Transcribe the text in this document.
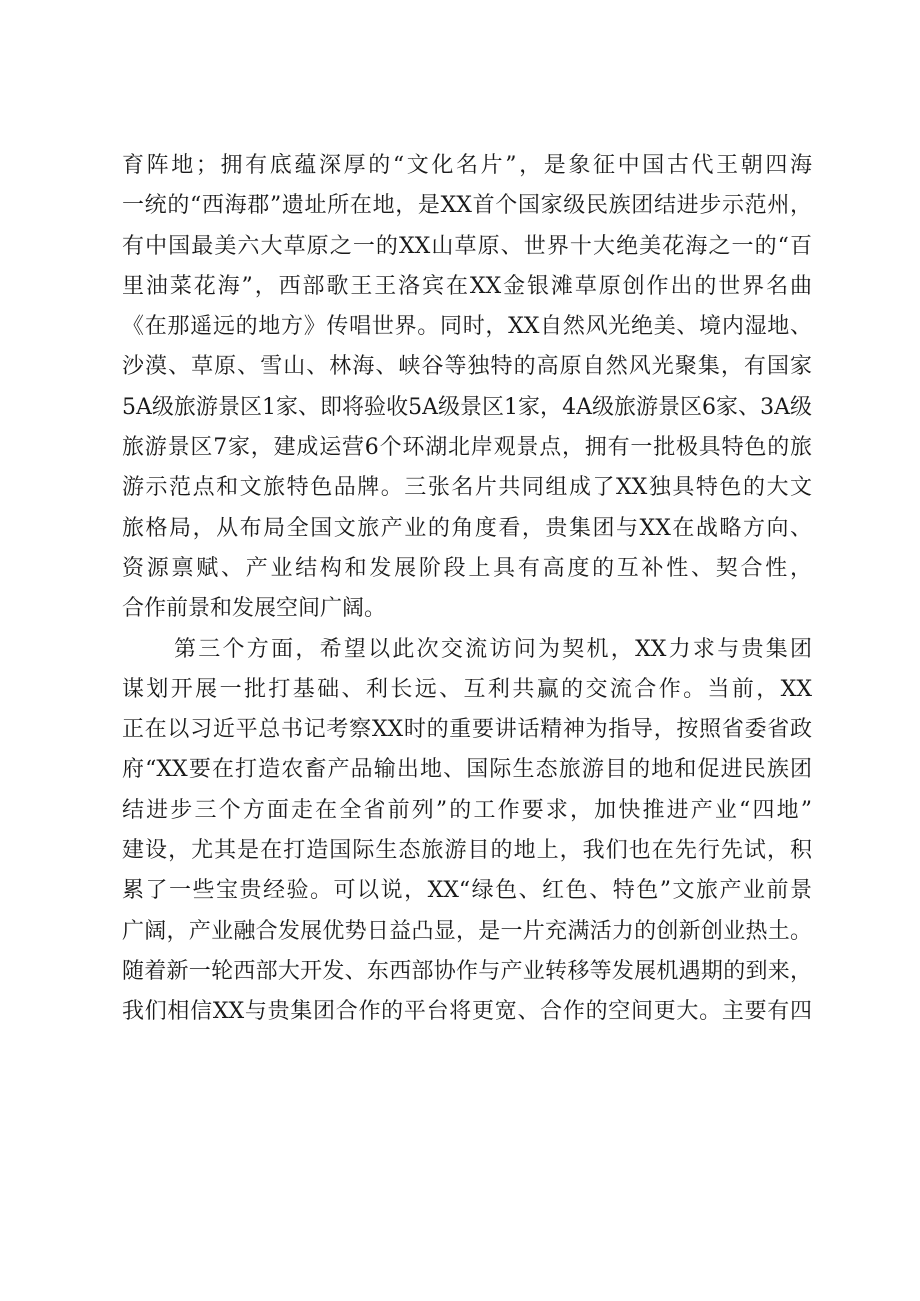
育阵地；拥有底蕴深厚的“文化名片”，是象征中国古代王朝四海
一统的“西海郡”遗址所在地，是XX首个国家级民族团结进步示范州，
有中国最美六大草原之一的XX山草原、世界十大绝美花海之一的“百
里油菜花海”，西部歌王王洛宾在XX金银滩草原创作出的世界名曲
《在那遥远的地方》传唱世界。同时，XX自然风光绝美、境内湿地、
沙漠、草原、雪山、林海、峡谷等独特的高原自然风光聚集，有国家
5A级旅游景区1家、即将验收5A级景区1家，4A级旅游景区6家、3A级
旅游景区7家，建成运营6个环湖北岸观景点，拥有一批极具特色的旅
游示范点和文旅特色品牌。三张名片共同组成了XX独具特色的大文
旅格局，从布局全国文旅产业的角度看，贵集团与XX在战略方向、
资源禀赋、产业结构和发展阶段上具有高度的互补性、契合性，
合作前景和发展空间广阔。
第三个方面，希望以此次交流访问为契机，XX力求与贵集团
谋划开展一批打基础、利长远、互利共赢的交流合作。当前，XX
正在以习近平总书记考察XX时的重要讲话精神为指导，按照省委省政
府“XX要在打造农畜产品输出地、国际生态旅游目的地和促进民族团
结进步三个方面走在全省前列”的工作要求，加快推进产业“四地”
建设，尤其是在打造国际生态旅游目的地上，我们也在先行先试，积
累了一些宝贵经验。可以说，XX“绿色、红色、特色”文旅产业前景
广阔，产业融合发展优势日益凸显，是一片充满活力的创新创业热土。
随着新一轮西部大开发、东西部协作与产业转移等发展机遇期的到来，
我们相信XX与贵集团合作的平台将更宽、合作的空间更大。主要有四
